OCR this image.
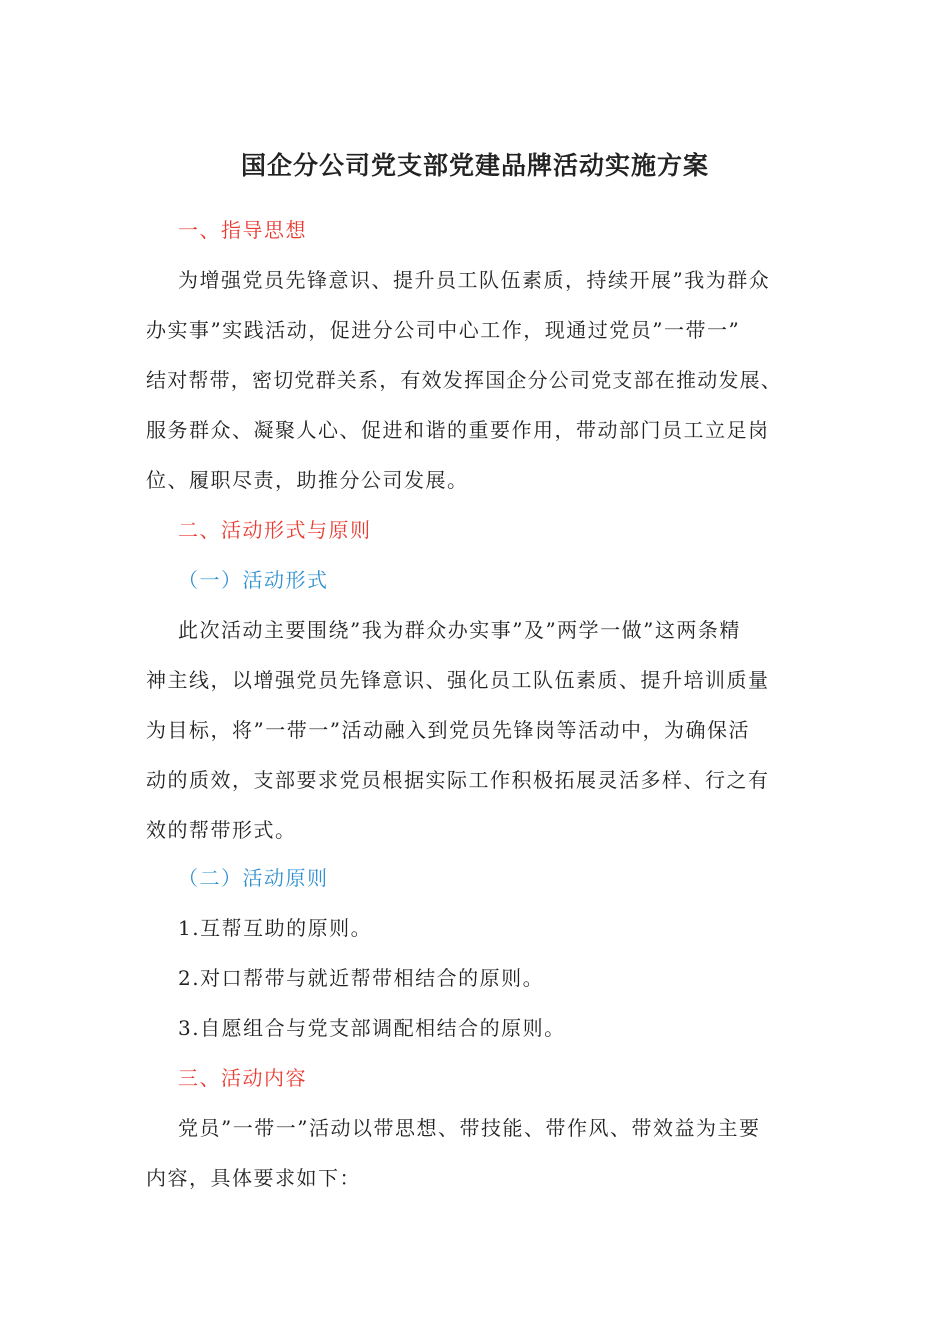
国企分公司党支部党建品牌活动实施方案
一、指导思想
为增强党员先锋意识、提升员工队伍素质，持续开展”我为群众
办实事”实践活动，促进分公司中心工作，现通过党员”一带一”
结对帮带，密切党群关系，有效发挥国企分公司党支部在推动发展、
服务群众、凝聚人心、促进和谐的重要作用，带动部门员工立足岗
位、履职尽责，助推分公司发展。
二、活动形式与原则
（一）活动形式
此次活动主要围绕”我为群众办实事”及”两学一做”这两条精
神主线，以增强党员先锋意识、强化员工队伍素质、提升培训质量
为目标，将”一带一”活动融入到党员先锋岗等活动中，为确保活
动的质效，支部要求党员根据实际工作积极拓展灵活多样、行之有
效的帮带形式。
（二）活动原则
1.互帮互助的原则。
2.对口帮带与就近帮带相结合的原则。
3.自愿组合与党支部调配相结合的原则。
三、活动内容
党员”一带一”活动以带思想、带技能、带作风、带效益为主要
内容，具体要求如下：
